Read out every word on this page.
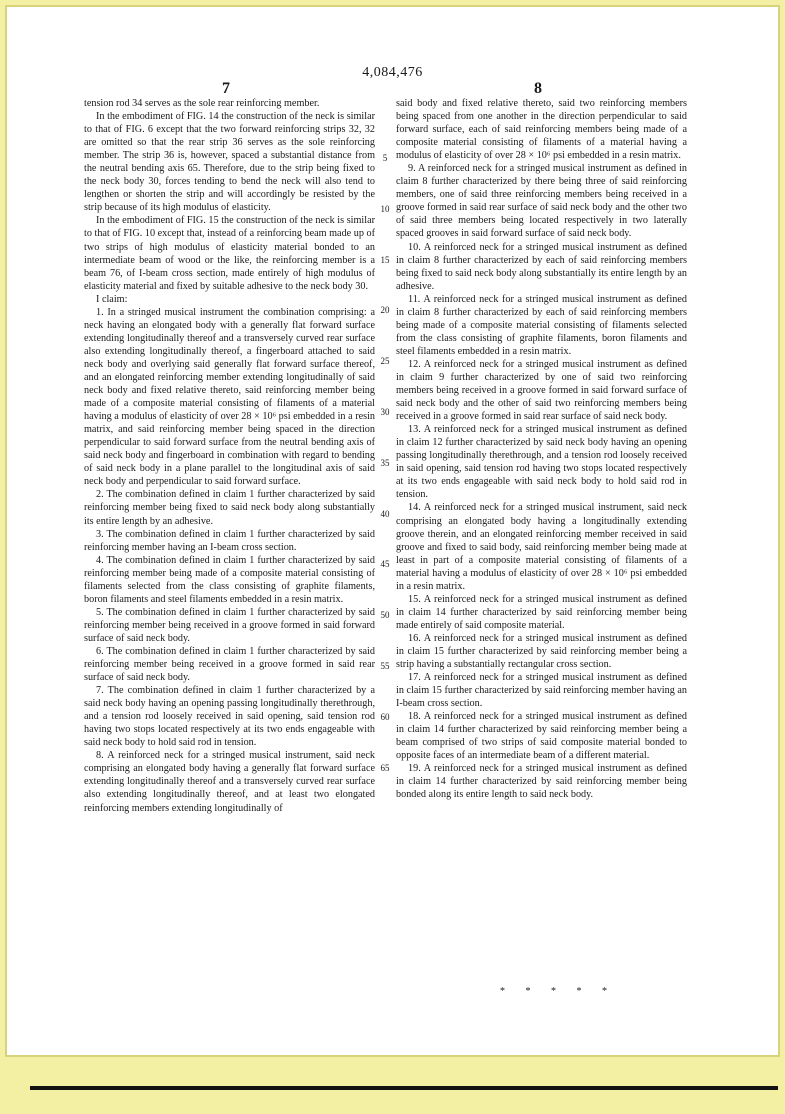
4,084,476
7	8

tension rod 34 serves as the sole rear reinforcing member.

In the embodiment of FIG. 14 the construction of the neck is similar to that of FIG. 6 except that the two forward reinforcing strips 32, 32 are omitted so that the rear strip 36 serves as the sole reinforcing member. The strip 36 is, however, spaced a substantial distance from the neutral bending axis 65. Therefore, due to the strip being fixed to the neck body 30, forces tending to bend the neck will also tend to lengthen or shorten the strip and will accordingly be resisted by the strip because of its high modulus of elasticity.

In the embodiment of FIG. 15 the construction of the neck is similar to that of FIG. 10 except that, instead of a reinforcing beam made up of two strips of high modulus of elasticity material bonded to an intermediate beam of wood or the like, the reinforcing member is a beam 76, of I-beam cross section, made entirely of high modulus of elasticity material and fixed by suitable adhesive to the neck body 30.

I claim:

1. In a stringed musical instrument the combination comprising: a neck having an elongated body with a generally flat forward surface extending longitudinally thereof and a transversely curved rear surface also extending longitudinally thereof, a fingerboard attached to said neck body and overlying said generally flat forward surface thereof, and an elongated reinforcing member extending longitudinally of said neck body and fixed relative thereto, said reinforcing member being made of a composite material consisting of filaments of a material having a modulus of elasticity of over 28 × 10⁶ psi embedded in a resin matrix, and said reinforcing member being spaced in the direction perpendicular to said forward surface from the neutral bending axis of said neck body and fingerboard in combination with regard to bending of said neck body in a plane parallel to the longitudinal axis of said neck body and perpendicular to said forward surface.

2. The combination defined in claim 1 further characterized by said reinforcing member being fixed to said neck body along substantially its entire length by an adhesive.

3. The combination defined in claim 1 further characterized by said reinforcing member having an I-beam cross section.

4. The combination defined in claim 1 further characterized by said reinforcing member being made of a composite material consisting of filaments selected from the class consisting of graphite filaments, boron filaments and steel filaments embedded in a resin matrix.

5. The combination defined in claim 1 further characterized by said reinforcing member being received in a groove formed in said forward surface of said neck body.

6. The combination defined in claim 1 further characterized by said reinforcing member being received in a groove formed in said rear surface of said neck body.

7. The combination defined in claim 1 further characterized by a said neck body having an opening passing longitudinally therethrough, and a tension rod loosely received in said opening, said tension rod having two stops located respectively at its two ends engageable with said neck body to hold said rod in tension.

8. A reinforced neck for a stringed musical instrument, said neck comprising an elongated body having a generally flat forward surface extending longitudinally thereof and a transversely curved rear surface also extending longitudinally thereof, and at least two elongated reinforcing members extending longitudinally of

said body and fixed relative thereto, said two reinforcing members being spaced from one another in the direction perpendicular to said forward surface, each of said reinforcing members being made of a composite material consisting of filaments of a material having a modulus of elasticity of over 28 × 10⁶ psi embedded in a resin matrix.

9. A reinforced neck for a stringed musical instrument as defined in claim 8 further characterized by there being three of said reinforcing members, one of said three reinforcing members being received in a groove formed in said rear surface of said neck body and the other two of said three members being located respectively in two laterally spaced grooves in said forward surface of said neck body.

10. A reinforced neck for a stringed musical instrument as defined in claim 8 further characterized by each of said reinforcing members being fixed to said neck body along substantially its entire length by an adhesive.

11. A reinforced neck for a stringed musical instrument as defined in claim 8 further characterized by each of said reinforcing members being made of a composite material consisting of filaments selected from the class consisting of graphite filaments, boron filaments and steel filaments embedded in a resin matrix.

12. A reinforced neck for a stringed musical instrument as defined in claim 9 further characterized by one of said two reinforcing members being received in a groove formed in said forward surface of said neck body and the other of said two reinforcing members being received in a groove formed in said rear surface of said neck body.

13. A reinforced neck for a stringed musical instrument as defined in claim 12 further characterized by said neck body having an opening passing longitudinally therethrough, and a tension rod loosely received in said opening, said tension rod having two stops located respectively at its two ends engageable with said neck body to hold said rod in tension.

14. A reinforced neck for a stringed musical instrument, said neck comprising an elongated body having a longitudinally extending groove therein, and an elongated reinforcing member received in said groove and fixed to said body, said reinforcing member being made at least in part of a composite material consisting of filaments of a material having a modulus of elasticity of over 28 × 10⁶ psi embedded in a resin matrix.

15. A reinforced neck for a stringed musical instrument as defined in claim 14 further characterized by said reinforcing member being made entirely of said composite material.

16. A reinforced neck for a stringed musical instrument as defined in claim 15 further characterized by said reinforcing member being a strip having a substantially rectangular cross section.

17. A reinforced neck for a stringed musical instrument as defined in claim 15 further characterized by said reinforcing member having an I-beam cross section.

18. A reinforced neck for a stringed musical instrument as defined in claim 14 further characterized by said reinforcing member being a beam comprised of two strips of said composite material bonded to opposite faces of an intermediate beam of a different material.

19. A reinforced neck for a stringed musical instrument as defined in claim 14 further characterized by said reinforcing member being bonded along its entire length to said neck body.

5
10
15
20
25
30
35
40
45
50
55
60
65
* * * * *
